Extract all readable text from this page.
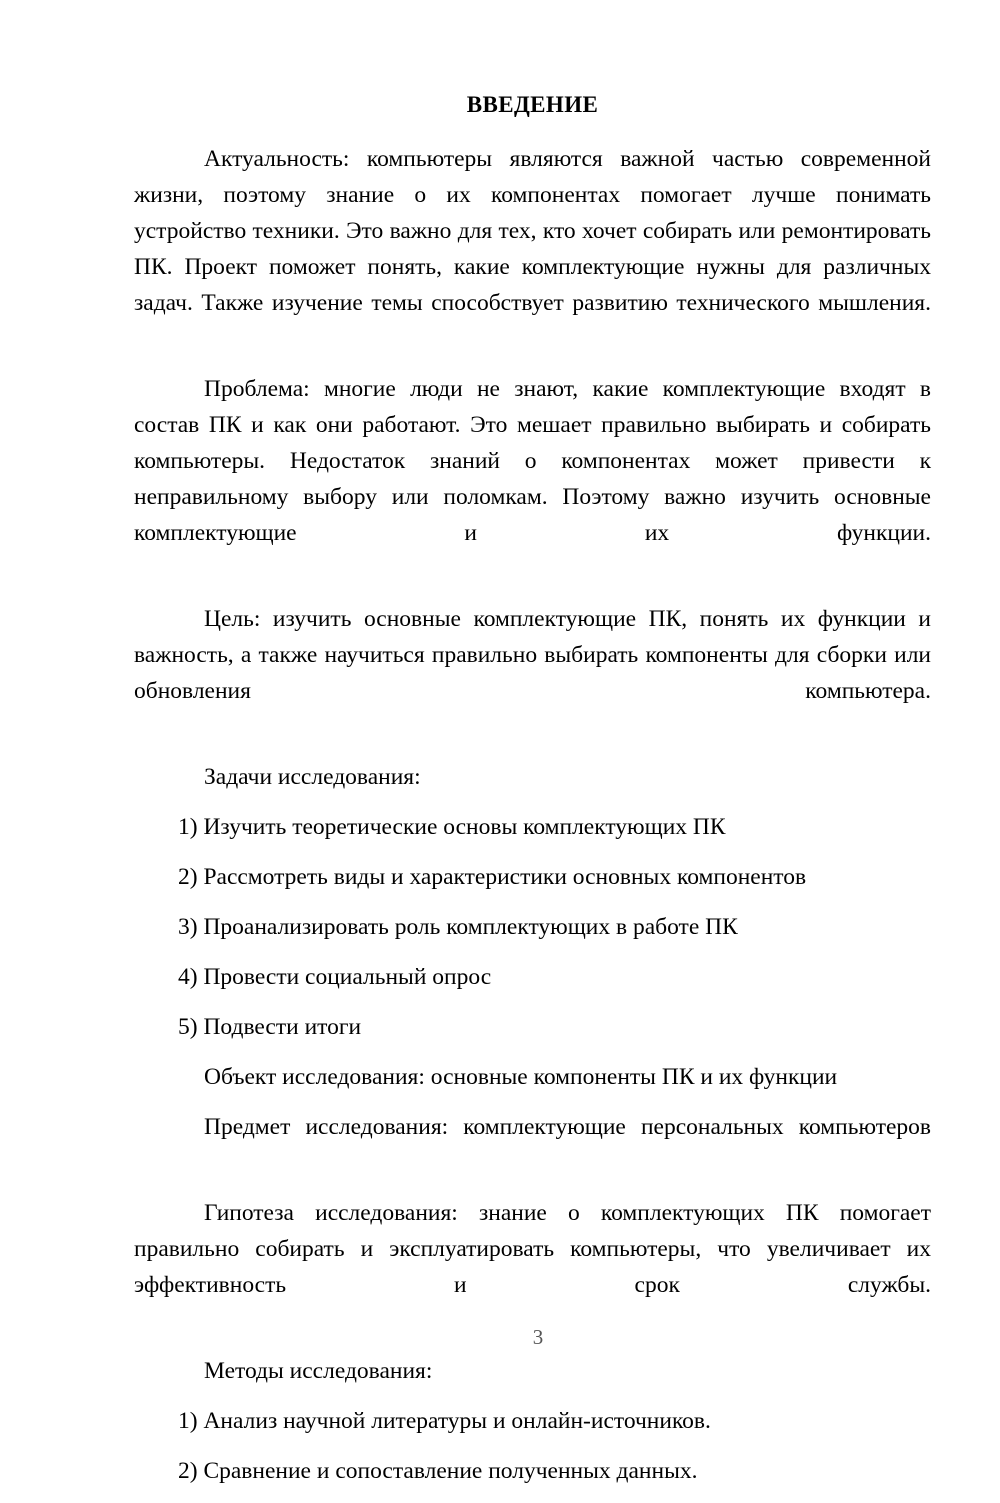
ВВЕДЕНИЕ

Актуальность: компьютеры являются важной частью современной жизни, поэтому знание о их компонентах помогает лучше понимать устройство техники. Это важно для тех, кто хочет собирать или ремонтировать ПК. Проект поможет понять, какие комплектующие нужны для различных задач. Также изучение темы способствует развитию технического мышления.

Проблема: многие люди не знают, какие комплектующие входят в состав ПК и как они работают. Это мешает правильно выбирать и собирать компьютеры. Недостаток знаний о компонентах может привести к неправильному выбору или поломкам. Поэтому важно изучить основные комплектующие и их функции.

Цель: изучить основные комплектующие ПК, понять их функции и важность, а также научиться правильно выбирать компоненты для сборки или обновления компьютера.

Задачи исследования:

1) Изучить теоретические основы комплектующих ПК

2) Рассмотреть виды и характеристики основных компонентов

3) Проанализировать роль комплектующих в работе ПК

4) Провести социальный опрос

5) Подвести итоги

Объект исследования: основные компоненты ПК и их функции

Предмет исследования: комплектующие персональных компьютеров

Гипотеза исследования: знание о комплектующих ПК помогает правильно собирать и эксплуатировать компьютеры, что увеличивает их эффективность и срок службы.

Методы исследования:

1) Анализ научной литературы и онлайн-источников.

2) Сравнение и сопоставление полученных данных.

3
